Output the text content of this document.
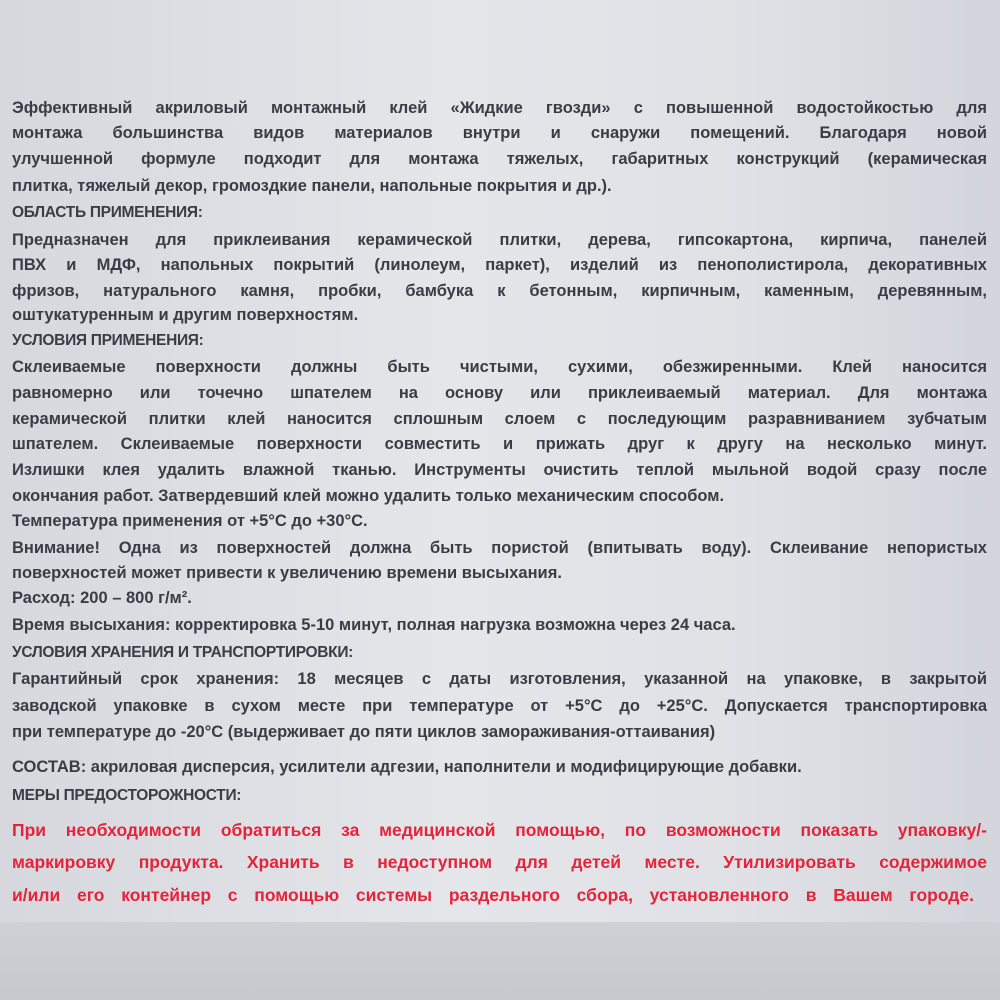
Эффективный акриловый монтажный клей «Жидкие гвозди» с повышенной водостойкостью для
монтажа большинства видов материалов внутри и снаружи помещений. Благодаря новой
улучшенной формуле подходит для монтажа тяжелых, габаритных конструкций (керамическая
плитка, тяжелый декор, громоздкие панели, напольные покрытия и др.).
ОБЛАСТЬ ПРИМЕНЕНИЯ:
Предназначен для приклеивания керамической плитки, дерева, гипсокартона, кирпича, панелей
ПВХ и МДФ, напольных покрытий (линолеум, паркет), изделий из пенополистирола, декоративных
фризов, натурального камня, пробки, бамбука к бетонным, кирпичным, каменным, деревянным,
оштукатуренным и другим поверхностям.
УСЛОВИЯ ПРИМЕНЕНИЯ:
Склеиваемые поверхности должны быть чистыми, сухими, обезжиренными. Клей наносится
равномерно или точечно шпателем на основу или приклеиваемый материал. Для монтажа
керамической плитки клей наносится сплошным слоем с последующим разравниванием зубчатым
шпателем. Склеиваемые поверхности совместить и прижать друг к другу на несколько минут.
Излишки клея удалить влажной тканью. Инструменты очистить теплой мыльной водой сразу после
окончания работ. Затвердевший клей можно удалить только механическим способом.
Температура применения от +5°С до +30°С.
Внимание! Одна из поверхностей должна быть пористой (впитывать воду). Склеивание непористых
поверхностей может привести к увеличению времени высыхания.
Расход: 200 – 800 г/м².
Время высыхания: корректировка 5-10 минут, полная нагрузка возможна через 24 часа.
УСЛОВИЯ ХРАНЕНИЯ И ТРАНСПОРТИРОВКИ:
Гарантийный срок хранения: 18 месяцев с даты изготовления, указанной на упаковке, в закрытой
заводской упаковке в сухом месте при температуре от +5°С до +25°С. Допускается транспортировка
при температуре до -20°С (выдерживает до пяти циклов замораживания-оттаивания)
СОСТАВ: акриловая дисперсия, усилители адгезии, наполнители и модифицирующие добавки.
МЕРЫ ПРЕДОСТОРОЖНОСТИ:
При необходимости обратиться за медицинской помощью, по возможности показать упаковку/-
маркировку продукта. Хранить в недоступном для детей месте. Утилизировать содержимое
и/или его контейнер с помощью системы раздельного сбора, установленного в Вашем городе.
